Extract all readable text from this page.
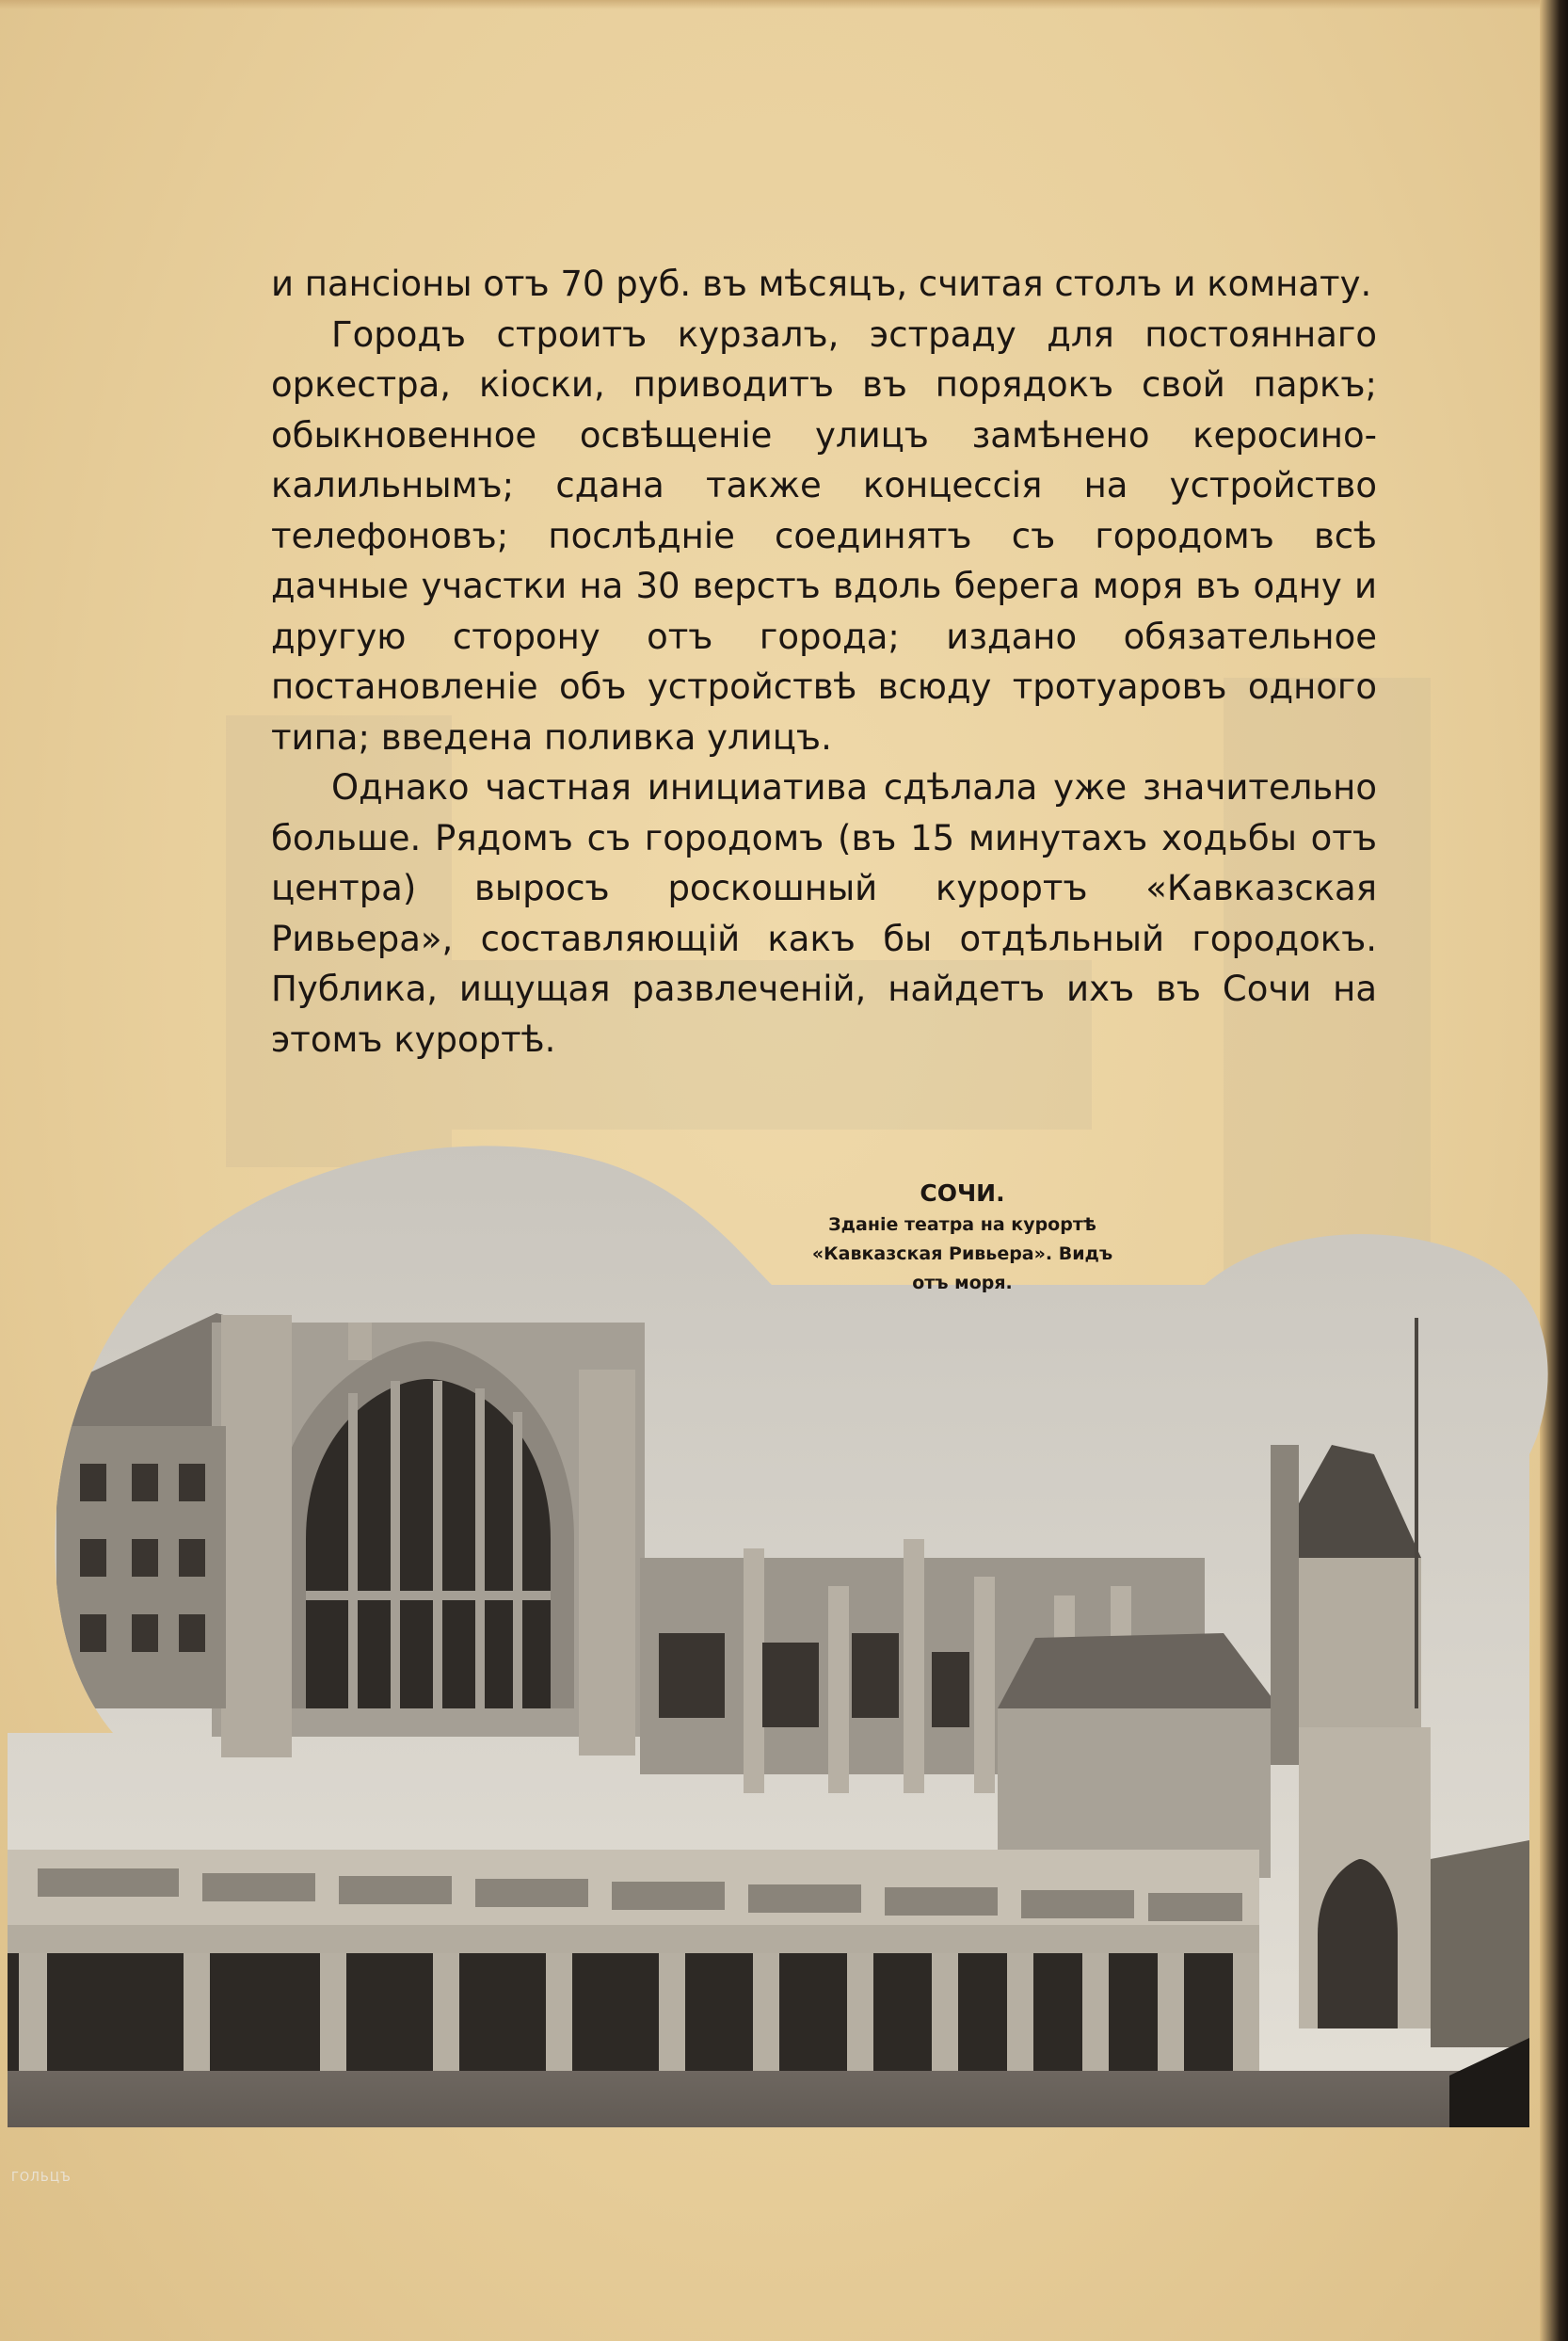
и пансіоны отъ 70 руб. въ мѣсяцъ, считая столъ и комнату.

Городъ строитъ курзалъ, эстраду для постояннаго оркестра, кіоски, приводитъ въ порядокъ свой паркъ; обыкновенное освѣщеніе улицъ замѣнено керосино-калильнымъ; сдана также концессія на устройство телефоновъ; послѣдніе соединятъ съ городомъ всѣ дачные участки на 30 верстъ вдоль берега моря въ одну и другую сторону отъ города; издано обязательное постановленіе объ устройствѣ всюду тротуаровъ одного типа; введена поливка улицъ.

Однако частная инициатива сдѣлала уже значительно больше. Рядомъ съ городомъ (въ 15 минутахъ ходьбы отъ центра) выросъ роскошный курортъ «Кавказская Ривьера», составляющій какъ бы отдѣльный городокъ. Публика, ищущая развлеченій, найдетъ ихъ въ Сочи на этомъ курортѣ.

СОЧИ.
Зданіе театра на курортѣ
«Кавказская Ривьера». Видъ
отъ моря.
ГОЛЬЦЪ
